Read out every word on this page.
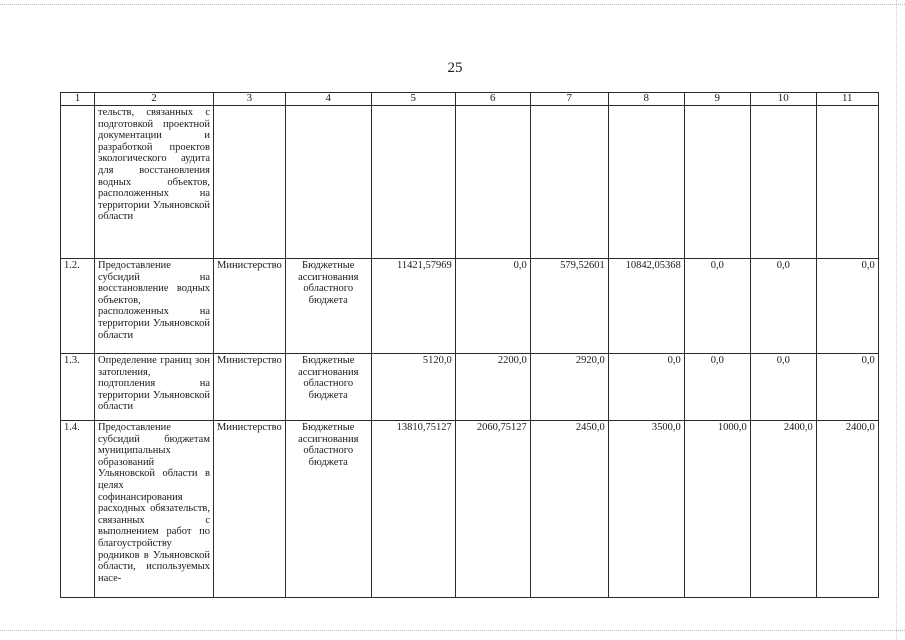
25
1	2	3	4	5	6	7	8	9	10	11
	тельств, связанных с подготовкой проектной документации и разработкой проектов экологического аудита для восстановления водных объектов, расположенных на территории Ульяновской области									
1.2.	Предоставление субсидий на восстановление водных объектов, расположенных на территории Ульяновской области	Министерство	Бюджетные ассигнования областного бюджета	11421,57969	0,0	579,52601	10842,05368	0,0	0,0	0,0
1.3.	Определение границ зон затопления, подтопления на территории Ульяновской области	Министерство	Бюджетные ассигнования областного бюджета	5120,0	2200,0	2920,0	0,0	0,0	0,0	0,0
1.4.	Предоставление субсидий бюджетам муниципальных образований Ульяновской области в целях софинансирования расходных обязательств, связанных с выполнением работ по благоустройству родников в Ульяновской области, используемых насе-	Министерство	Бюджетные ассигнования областного бюджета	13810,75127	2060,75127	2450,0	3500,0	1000,0	2400,0	2400,0
